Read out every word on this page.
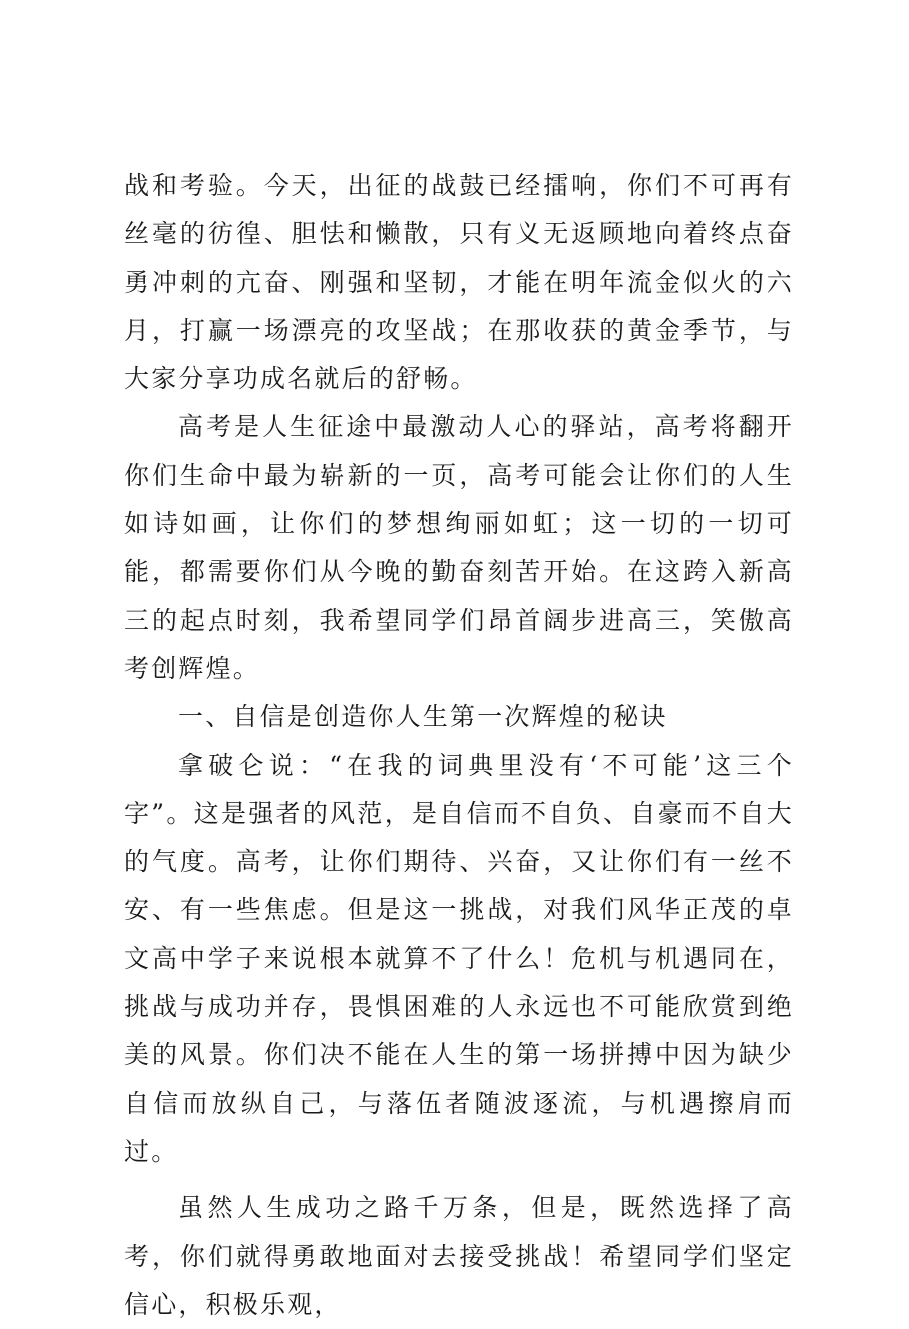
战和考验。今天，出征的战鼓已经擂响，你们不可再有丝毫的彷徨、胆怯和懒散，只有义无返顾地向着终点奋勇冲刺的亢奋、刚强和坚韧，才能在明年流金似火的六月，打赢一场漂亮的攻坚战；在那收获的黄金季节，与大家分享功成名就后的舒畅。

高考是人生征途中最激动人心的驿站，高考将翻开你们生命中最为崭新的一页，高考可能会让你们的人生如诗如画，让你们的梦想绚丽如虹；这一切的一切可能，都需要你们从今晚的勤奋刻苦开始。在这跨入新高三的起点时刻，我希望同学们昂首阔步进高三，笑傲高考创辉煌。

一、自信是创造你人生第一次辉煌的秘诀

拿破仑说：“在我的词典里没有‘不可能’这三个字”。这是强者的风范，是自信而不自负、自豪而不自大的气度。高考，让你们期待、兴奋，又让你们有一丝不安、有一些焦虑。但是这一挑战，对我们风华正茂的卓文高中学子来说根本就算不了什么！危机与机遇同在，挑战与成功并存，畏惧困难的人永远也不可能欣赏到绝美的风景。你们决不能在人生的第一场拼搏中因为缺少自信而放纵自己，与落伍者随波逐流，与机遇擦肩而过。

虽然人生成功之路千万条，但是，既然选择了高考，你们就得勇敢地面对去接受挑战！希望同学们坚定信心，积极乐观，
